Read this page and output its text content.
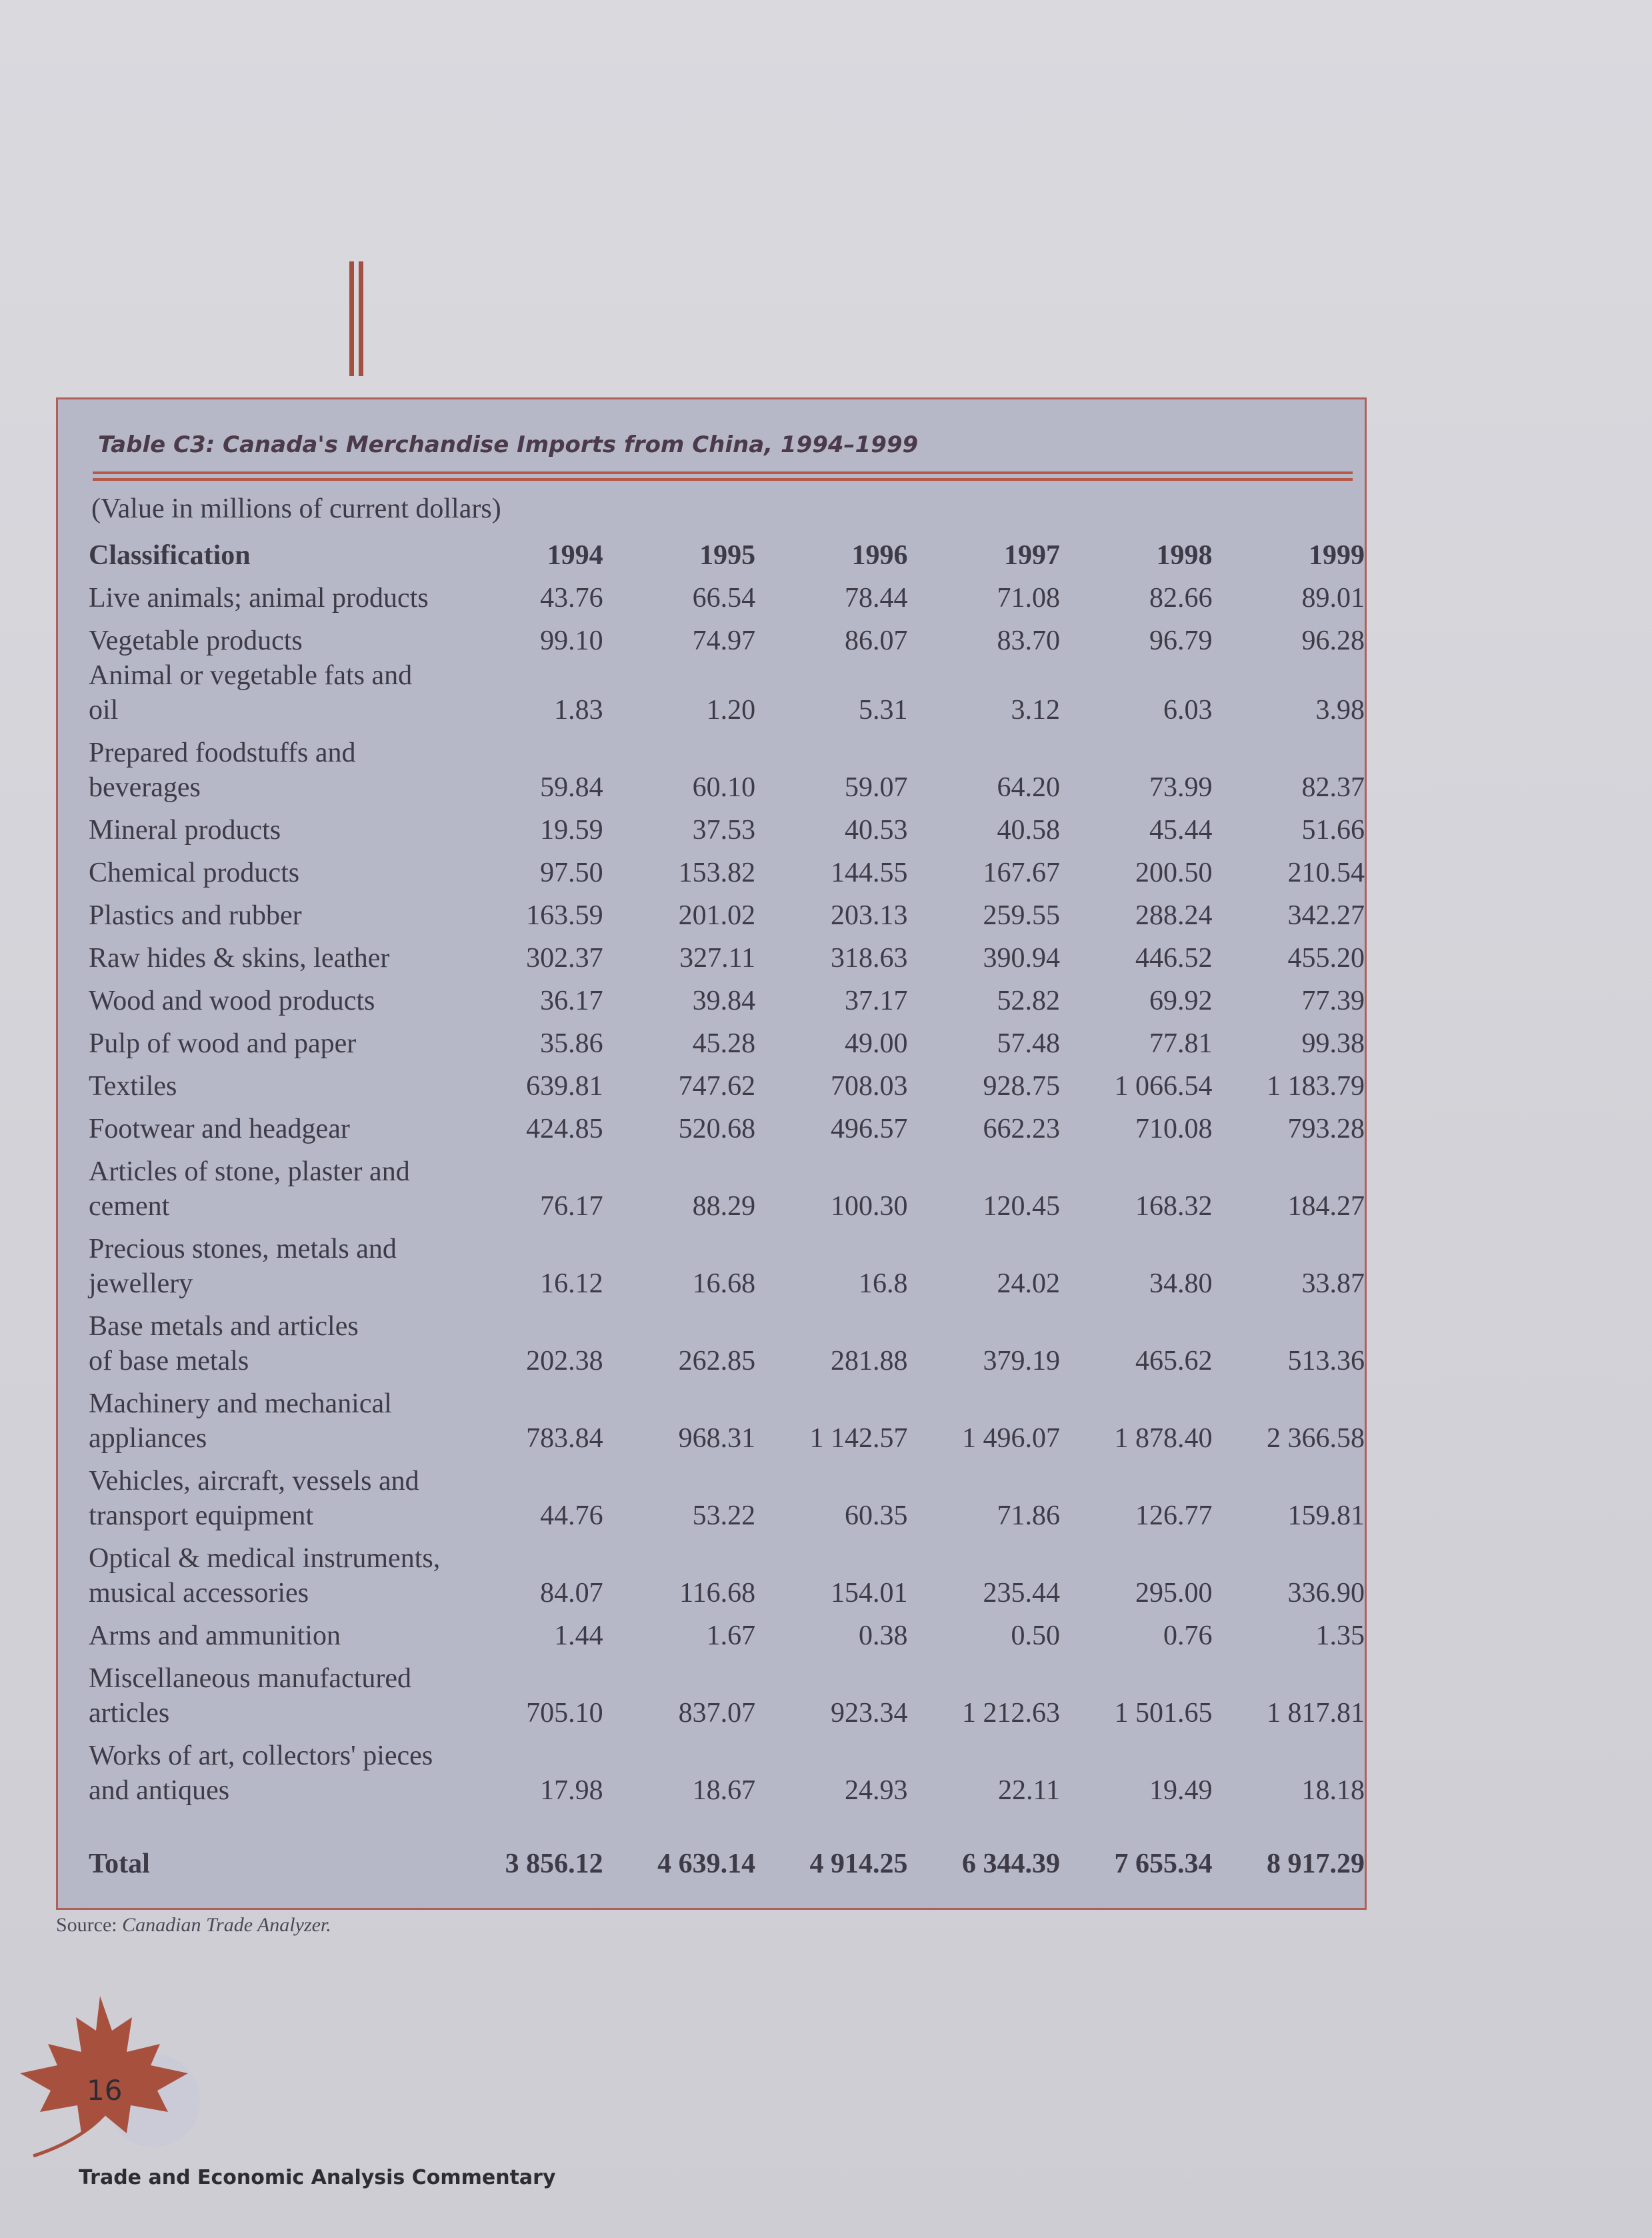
Table C3: Canada's Merchandise Imports from China, 1994–1999
(Value in millions of current dollars)
Classification	1994	1995	1996	1997	1998	1999

Live animals; animal products	43.76	66.54	78.44	71.08	82.66	89.01

Vegetable products	99.10	74.97	86.07	83.70	96.79	96.28

Animal or vegetable fats and oil	1.83	1.20	5.31	3.12	6.03	3.98

Prepared foodstuffs and
beverages	59.84	60.10	59.07	64.20	73.99	82.37

Mineral products	19.59	37.53	40.53	40.58	45.44	51.66

Chemical products	97.50	153.82	144.55	167.67	200.50	210.54

Plastics and rubber	163.59	201.02	203.13	259.55	288.24	342.27

Raw hides & skins, leather	302.37	327.11	318.63	390.94	446.52	455.20

Wood and wood products	36.17	39.84	37.17	52.82	69.92	77.39

Pulp of wood and paper	35.86	45.28	49.00	57.48	77.81	99.38

Textiles	639.81	747.62	708.03	928.75	1 066.54	1 183.79

Footwear and headgear	424.85	520.68	496.57	662.23	710.08	793.28

Articles of stone, plaster and
cement	76.17	88.29	100.30	120.45	168.32	184.27

Precious stones, metals and
jewellery	16.12	16.68	16.8	24.02	34.80	33.87

Base metals and articles
of base metals	202.38	262.85	281.88	379.19	465.62	513.36

Machinery and mechanical
appliances	783.84	968.31	1 142.57	1 496.07	1 878.40	2 366.58

Vehicles, aircraft, vessels and
transport equipment	44.76	53.22	60.35	71.86	126.77	159.81

Optical & medical instruments,
musical accessories	84.07	116.68	154.01	235.44	295.00	336.90

Arms and ammunition	1.44	1.67	0.38	0.50	0.76	1.35

Miscellaneous manufactured
articles	705.10	837.07	923.34	1 212.63	1 501.65	1 817.81

Works of art, collectors' pieces
and antiques	17.98	18.67	24.93	22.11	19.49	18.18
Total	3 856.12	4 639.14	4 914.25	6 344.39	7 655.34	8 917.29
Source: Canadian Trade Analyzer.
16
Trade and Economic Analysis Commentary
